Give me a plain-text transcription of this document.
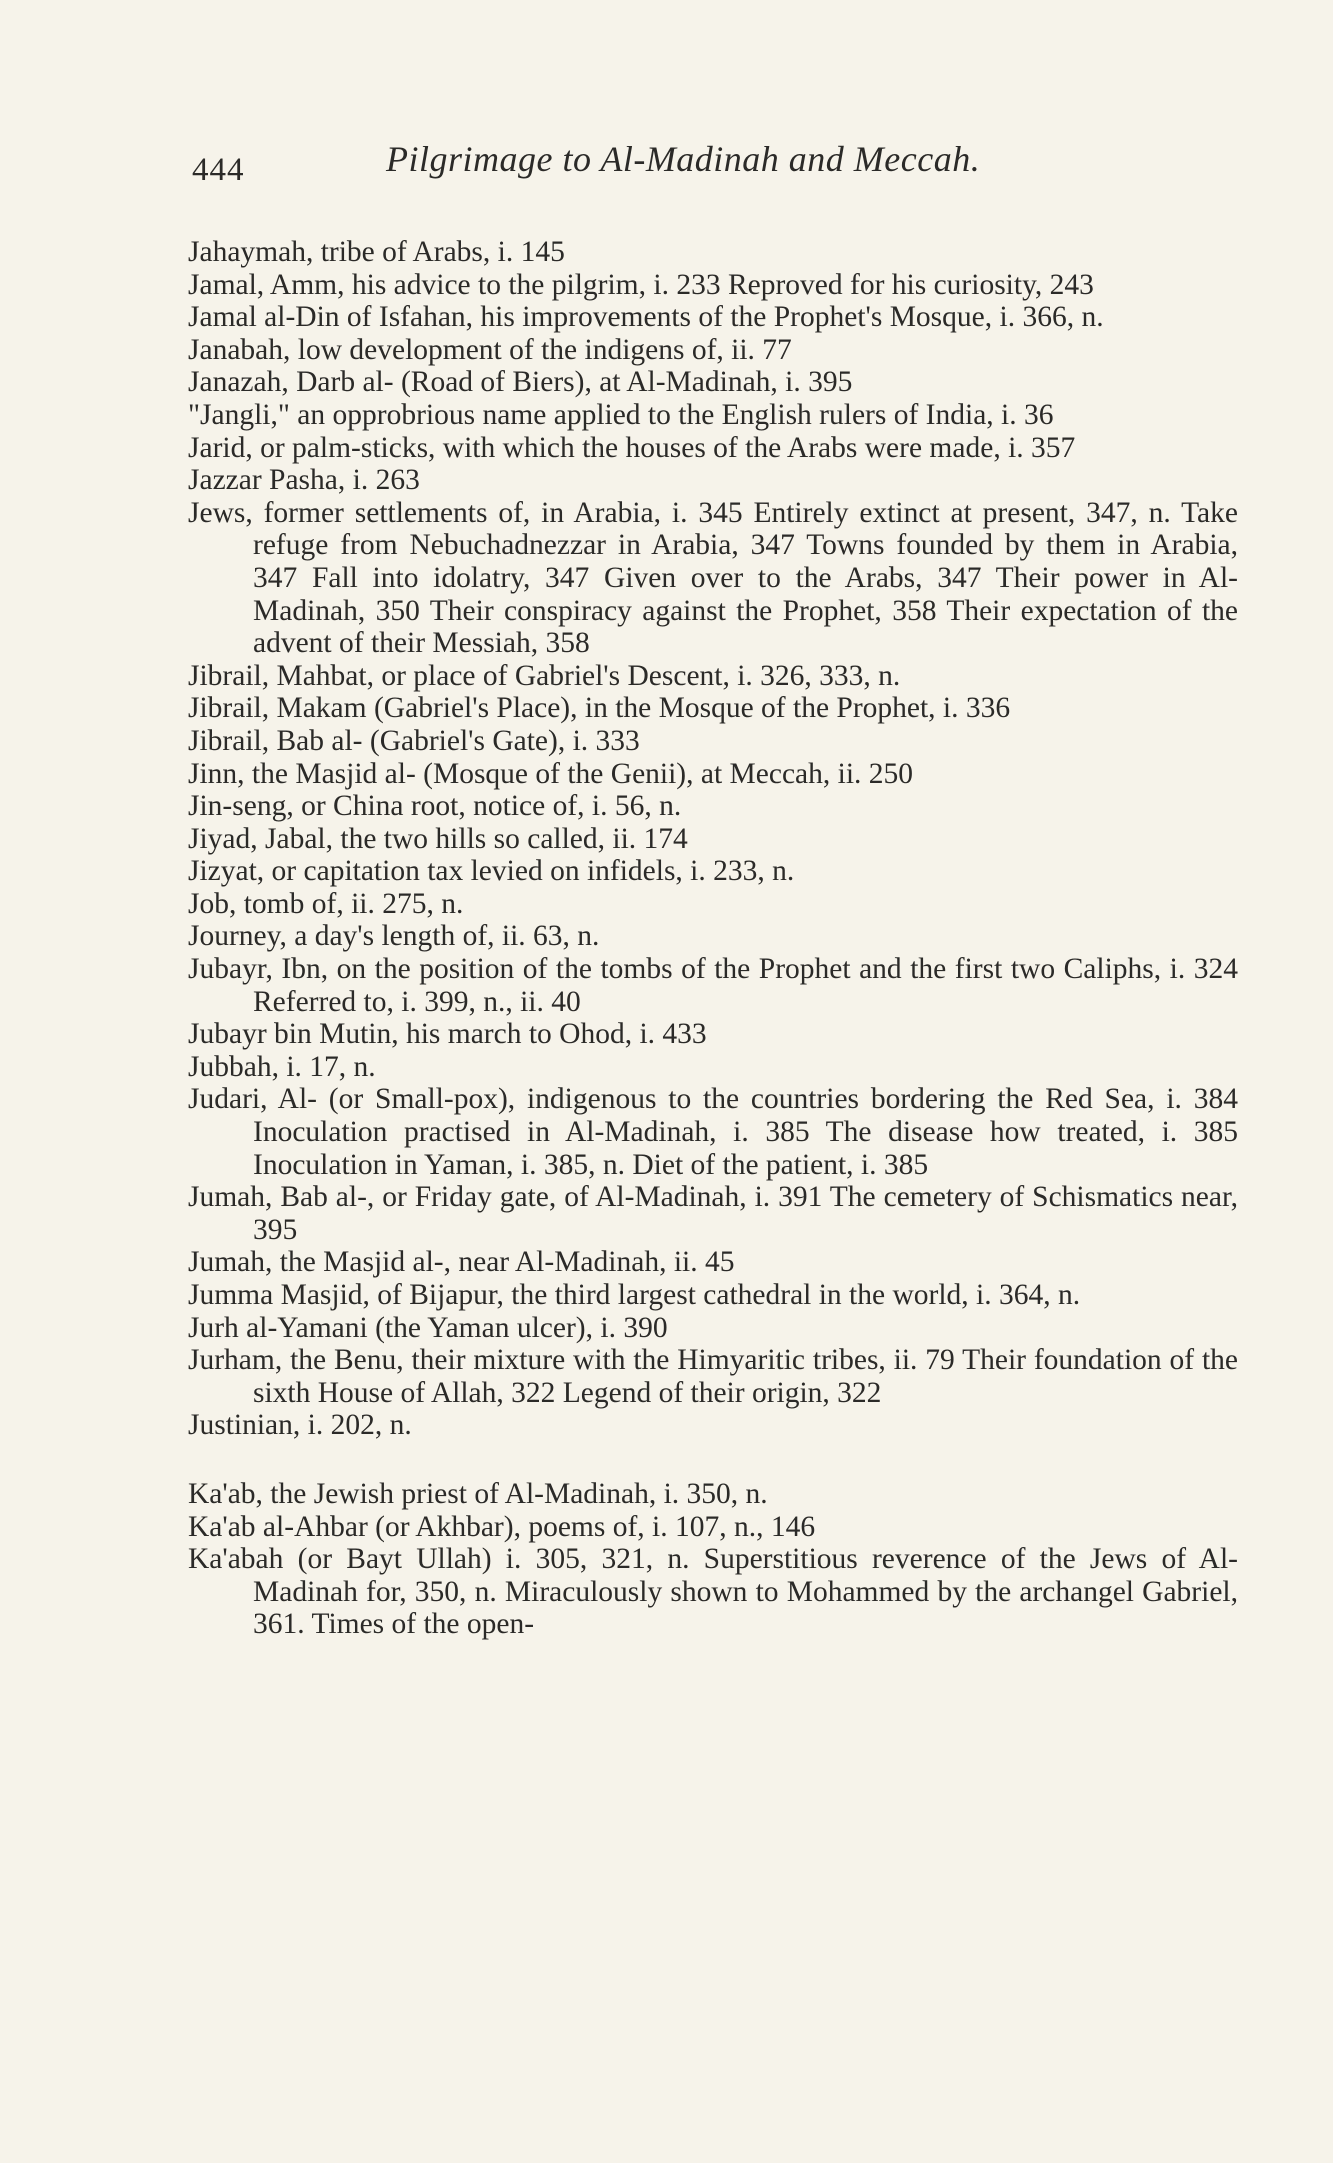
444	Pilgrimage to Al-Madinah and Meccah.

Jahaymah, tribe of Arabs, i. 145

Jamal, Amm, his advice to the pilgrim, i. 233 Reproved for his curiosity, 243

Jamal al-Din of Isfahan, his improvements of the Prophet's Mosque, i. 366, n.

Janabah, low development of the indigens of, ii. 77

Janazah, Darb al- (Road of Biers), at Al-Madinah, i. 395

"Jangli," an opprobrious name applied to the English rulers of India, i. 36

Jarid, or palm-sticks, with which the houses of the Arabs were made, i. 357

Jazzar Pasha, i. 263

Jews, former settlements of, in Arabia, i. 345 Entirely extinct at present, 347, n. Take refuge from Nebuchadnezzar in Arabia, 347 Towns founded by them in Arabia, 347 Fall into idolatry, 347 Given over to the Arabs, 347 Their power in Al-Madinah, 350 Their conspiracy against the Prophet, 358 Their expectation of the advent of their Messiah, 358

Jibrail, Mahbat, or place of Gabriel's Descent, i. 326, 333, n.

Jibrail, Makam (Gabriel's Place), in the Mosque of the Prophet, i. 336

Jibrail, Bab al- (Gabriel's Gate), i. 333

Jinn, the Masjid al- (Mosque of the Genii), at Meccah, ii. 250

Jin-seng, or China root, notice of, i. 56, n.

Jiyad, Jabal, the two hills so called, ii. 174

Jizyat, or capitation tax levied on infidels, i. 233, n.

Job, tomb of, ii. 275, n.

Journey, a day's length of, ii. 63, n.

Jubayr, Ibn, on the position of the tombs of the Prophet and the first two Caliphs, i. 324 Referred to, i. 399, n., ii. 40

Jubayr bin Mutin, his march to Ohod, i. 433

Jubbah, i. 17, n.

Judari, Al- (or Small-pox), indigenous to the countries bordering the Red Sea, i. 384 Inoculation practised in Al-Madinah, i. 385 The disease how treated, i. 385 Inoculation in Yaman, i. 385, n. Diet of the patient, i. 385

Jumah, Bab al-, or Friday gate, of Al-Madinah, i. 391 The cemetery of Schismatics near, 395

Jumah, the Masjid al-, near Al-Madinah, ii. 45

Jumma Masjid, of Bijapur, the third largest cathedral in the world, i. 364, n.

Jurh al-Yamani (the Yaman ulcer), i. 390

Jurham, the Benu, their mixture with the Himyaritic tribes, ii. 79 Their foundation of the sixth House of Allah, 322 Legend of their origin, 322

Justinian, i. 202, n.

Ka'ab, the Jewish priest of Al-Madinah, i. 350, n.

Ka'ab al-Ahbar (or Akhbar), poems of, i. 107, n., 146

Ka'abah (or Bayt Ullah) i. 305, 321, n. Superstitious reverence of the Jews of Al-Madinah for, 350, n. Miraculously shown to Mohammed by the archangel Gabriel, 361. Times of the open-
